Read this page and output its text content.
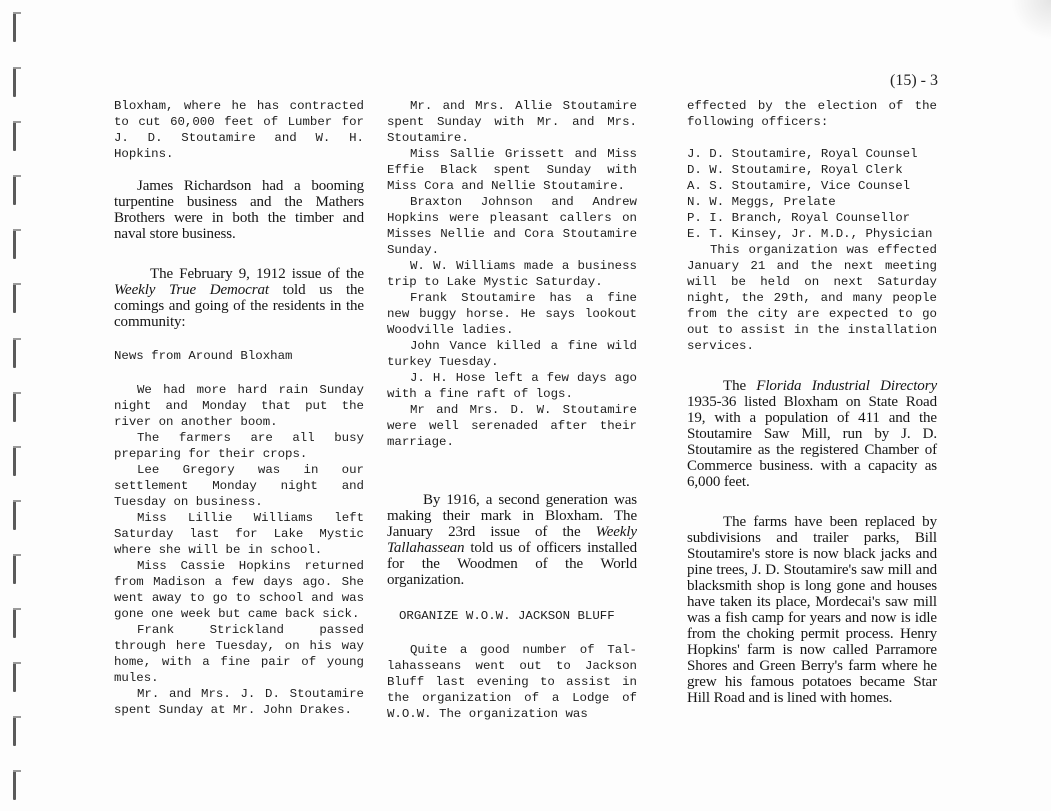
(15) - 3

Bloxham, where he has contracted to cut 60,000 feet of Lumber for J. D. Stoutamire and W. H. Hopkins.

James Richardson had a booming turpentine business and the Mathers Brothers were in both the timber and naval store business.

The February 9, 1912 issue of the Weekly True Democrat told us the comings and going of the residents in the community:

News from Around Bloxham

We had more hard rain Sunday night and Monday that put the river on another boom.

The farmers are all busy preparing for their crops.

Lee Gregory was in our settlement Monday night and Tuesday on business.

Miss Lillie Williams left Saturday last for Lake Mystic where she will be in school.

Miss Cassie Hopkins returned from Madison a few days ago. She went away to go to school and was gone one week but came back sick.

Frank Strickland passed through here Tuesday, on his way home, with a fine pair of young mules.

Mr. and Mrs. J. D. Stoutamire spent Sunday at Mr. John Drakes.

Mr. and Mrs. Allie Stoutamire spent Sunday with Mr. and Mrs. Stoutamire.

Miss Sallie Grissett and Miss Effie Black spent Sunday with Miss Cora and Nellie Stoutamire.

Braxton Johnson and Andrew Hopkins were pleasant callers on Misses Nellie and Cora Stoutamire Sunday.

W. W. Williams made a business trip to Lake Mystic Saturday.

Frank Stoutamire has a fine new buggy horse. He says lookout Woodville ladies.

John Vance killed a fine wild turkey Tuesday.

J. H. Hose left a few days ago with a fine raft of logs.

Mr and Mrs. D. W. Stoutamire were well serenaded after their marriage.

By 1916, a second generation was making their mark in Bloxham. The January 23rd issue of the Weekly Tallahassean told us of officers installed for the Woodmen of the World organization.

ORGANIZE W.O.W. JACKSON BLUFF

Quite a good number of Tal-lahasseans went out to Jackson Bluff last evening to assist in the organization of a Lodge of W.O.W. The organization was

effected by the election of the following officers:

J. D. Stoutamire, Royal Counsel

D. W. Stoutamire, Royal Clerk

A. S. Stoutamire, Vice Counsel

N. W. Meggs, Prelate

P. I. Branch, Royal Counsellor

E. T. Kinsey, Jr. M.D., Physician

This organization was effected January 21 and the next meeting will be held on next Saturday night, the 29th, and many people from the city are expected to go out to assist in the installation services.

The Florida Industrial Directory 1935-36 listed Bloxham on State Road 19, with a population of 411 and the Stoutamire Saw Mill, run by J. D. Stoutamire as the registered Chamber of Commerce business. with a capacity as 6,000 feet.

The farms have been replaced by subdivisions and trailer parks, Bill Stoutamire's store is now black jacks and pine trees, J. D. Stoutamire's saw mill and blacksmith shop is long gone and houses have taken its place, Mordecai's saw mill was a fish camp for years and now is idle from the choking permit process. Henry Hopkins' farm is now called Parramore Shores and Green Berry's farm where he grew his famous potatoes became Star Hill Road and is lined with homes.
